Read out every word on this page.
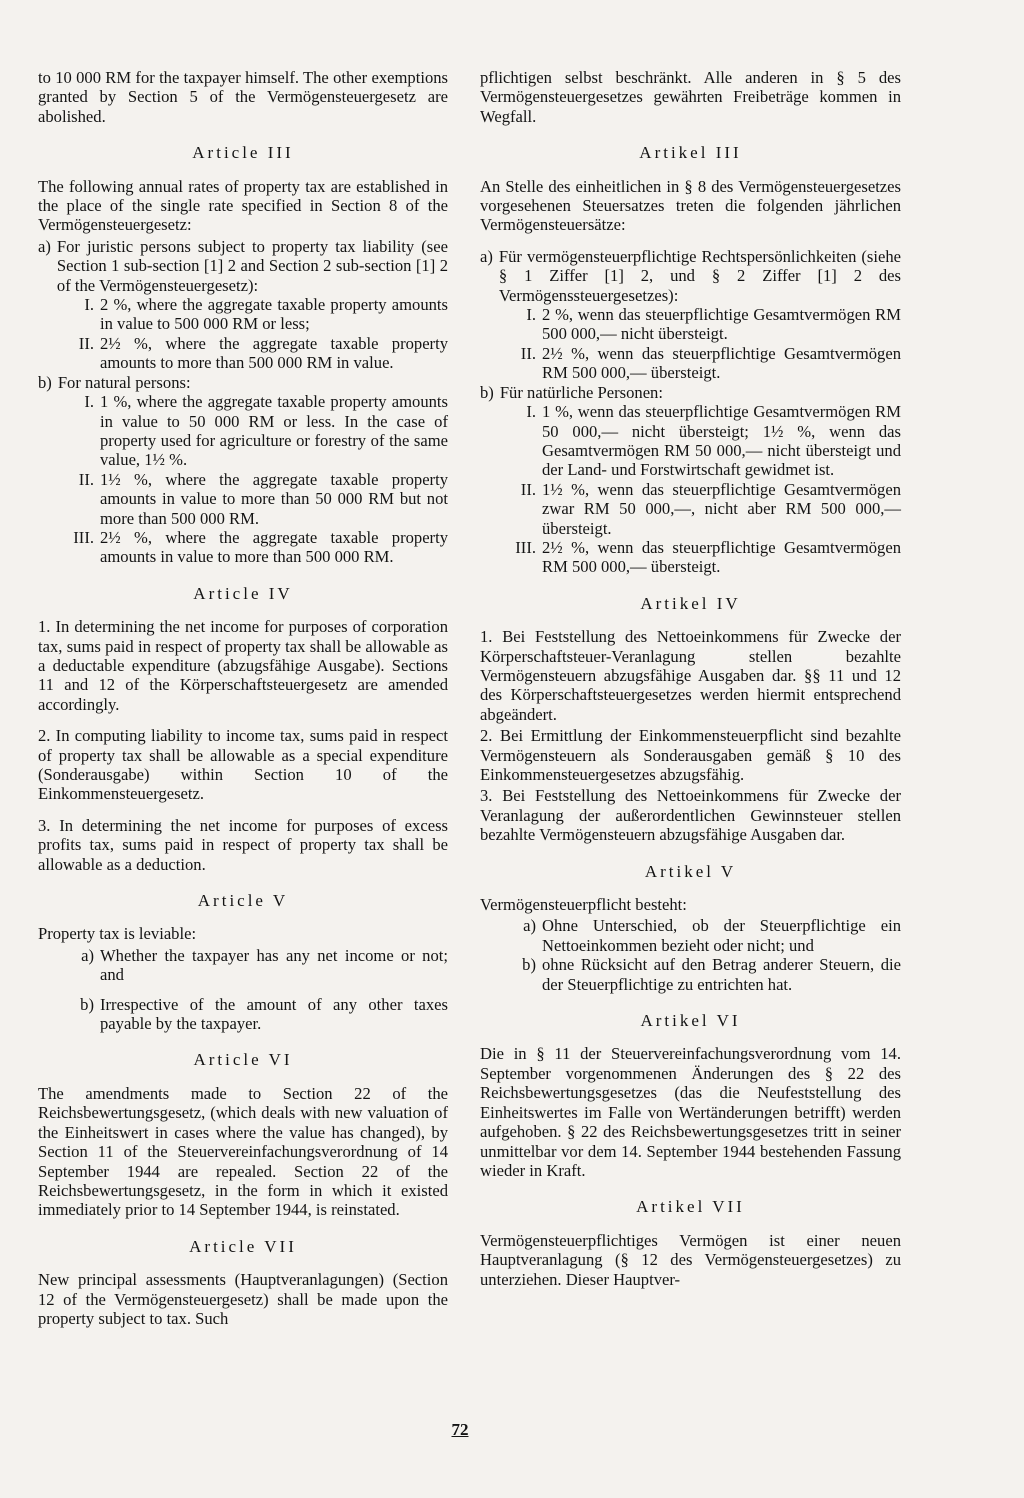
to 10 000 RM for the taxpayer himself. The other exemptions granted by Section 5 of the Vermögensteuergesetz are abolished.

Article III

The following annual rates of property tax are established in the place of the single rate specified in Section 8 of the Vermögensteuergesetz:

a) For juristic persons subject to property tax liability (see Section 1 sub-section [1] 2 and Section 2 sub-section [1] 2 of the Vermögensteuergesetz):
I. 2 %, where the aggregate taxable property amounts in value to 500 000 RM or less;
II. 2½ %, where the aggregate taxable property amounts to more than 500 000 RM in value.
b) For natural persons:
I. 1 %, where the aggregate taxable property amounts in value to 50 000 RM or less. In the case of property used for agriculture or forestry of the same value, 1½ %.
II. 1½ %, where the aggregate taxable property amounts in value to more than 50 000 RM but not more than 500 000 RM.
III. 2½ %, where the aggregate taxable property amounts in value to more than 500 000 RM.
Article IV

1. In determining the net income for purposes of corporation tax, sums paid in respect of property tax shall be allowable as a deductable expenditure (abzugsfähige Ausgabe). Sections 11 and 12 of the Körperschaftsteuergesetz are amended accordingly.

2. In computing liability to income tax, sums paid in respect of property tax shall be allowable as a special expenditure (Sonderausgabe) within Section 10 of the Einkommensteuergesetz.

3. In determining the net income for purposes of excess profits tax, sums paid in respect of property tax shall be allowable as a deduction.

Article V

Property tax is leviable:

a) Whether the taxpayer has any net income or not; and
b) Irrespective of the amount of any other taxes payable by the taxpayer.
Article VI

The amendments made to Section 22 of the Reichsbewertungsgesetz, (which deals with new valuation of the Einheitswert in cases where the value has changed), by Section 11 of the Steuervereinfachungsverordnung of 14 September 1944 are repealed. Section 22 of the Reichsbewertungsgesetz, in the form in which it existed immediately prior to 14 September 1944, is reinstated.

Article VII

New principal assessments (Hauptveranlagungen) (Section 12 of the Vermögensteuergesetz) shall be made upon the property subject to tax. Such

pflichtigen selbst beschränkt. Alle anderen in § 5 des Vermögensteuergesetzes gewährten Freibeträge kommen in Wegfall.

Artikel III

An Stelle des einheitlichen in § 8 des Vermögensteuergesetzes vorgesehenen Steuersatzes treten die folgenden jährlichen Vermögensteuersätze:

a) Für vermögensteuerpflichtige Rechtspersönlichkeiten (siehe § 1 Ziffer [1] 2, und § 2 Ziffer [1] 2 des Vermögenssteuergesetzes):
I. 2 %, wenn das steuerpflichtige Gesamtvermögen RM 500 000,— nicht übersteigt.
II. 2½ %, wenn das steuerpflichtige Gesamtvermögen RM 500 000,— übersteigt.
b) Für natürliche Personen:
I. 1 %, wenn das steuerpflichtige Gesamtvermögen RM 50 000,— nicht übersteigt; 1½ %, wenn das Gesamtvermögen RM 50 000,— nicht übersteigt und der Land- und Forstwirtschaft gewidmet ist.
II. 1½ %, wenn das steuerpflichtige Gesamtvermögen zwar RM 50 000,—, nicht aber RM 500 000,— übersteigt.
III. 2½ %, wenn das steuerpflichtige Gesamtvermögen RM 500 000,— übersteigt.
Artikel IV

1. Bei Feststellung des Nettoeinkommens für Zwecke der Körperschaftsteuer-Veranlagung stellen bezahlte Vermögensteuern abzugsfähige Ausgaben dar. §§ 11 und 12 des Körperschaftsteuergesetzes werden hiermit entsprechend abgeändert.

2. Bei Ermittlung der Einkommensteuerpflicht sind bezahlte Vermögensteuern als Sonderausgaben gemäß § 10 des Einkommensteuergesetzes abzugsfähig.

3. Bei Feststellung des Nettoeinkommens für Zwecke der Veranlagung der außerordentlichen Gewinnsteuer stellen bezahlte Vermögensteuern abzugsfähige Ausgaben dar.

Artikel V

Vermögensteuerpflicht besteht:

a) Ohne Unterschied, ob der Steuerpflichtige ein Nettoeinkommen bezieht oder nicht; und
b) ohne Rücksicht auf den Betrag anderer Steuern, die der Steuerpflichtige zu entrichten hat.
Artikel VI

Die in § 11 der Steuervereinfachungsverordnung vom 14. September vorgenommenen Änderungen des § 22 des Reichsbewertungsgesetzes (das die Neufeststellung des Einheitswertes im Falle von Wertänderungen betrifft) werden aufgehoben. § 22 des Reichsbewertungsgesetzes tritt in seiner unmittelbar vor dem 14. September 1944 bestehenden Fassung wieder in Kraft.

Artikel VII

Vermögensteuerpflichtiges Vermögen ist einer neuen Hauptveranlagung (§ 12 des Vermögensteuergesetzes) zu unterziehen. Dieser Hauptver-

72
